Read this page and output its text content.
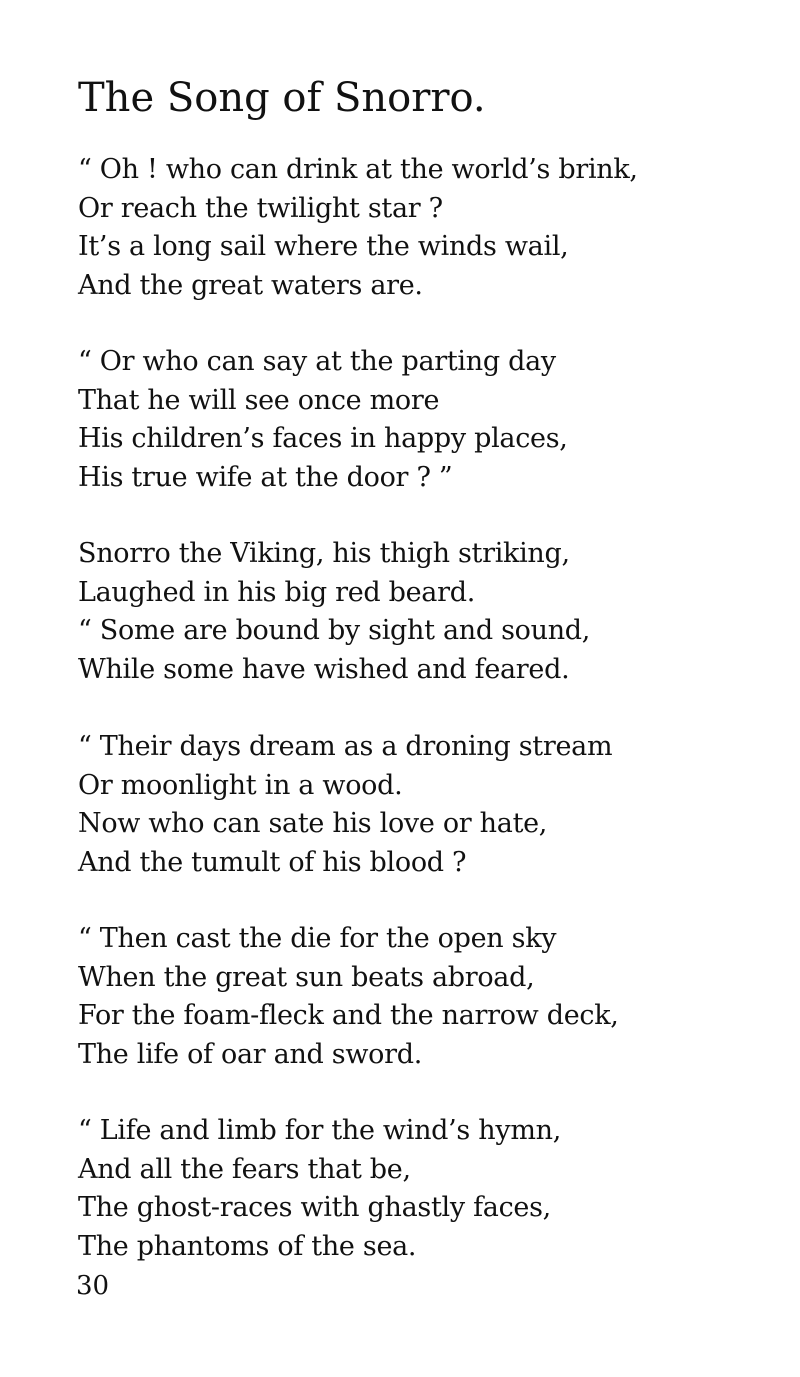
The Song of Snorro.
“ Oh ! who can drink at the world’s brink,
Or reach the twilight star ?
It’s a long sail where the winds wail,
And the great waters are.
“ Or who can say at the parting day
That he will see once more
His children’s faces in happy places,
His true wife at the door ? ”
Snorro the Viking, his thigh striking,
Laughed in his big red beard.
“ Some are bound by sight and sound,
While some have wished and feared.
“ Their days dream as a droning stream
Or moonlight in a wood.
Now who can sate his love or hate,
And the tumult of his blood ?
“ Then cast the die for the open sky
When the great sun beats abroad,
For the foam-fleck and the narrow deck,
The life of oar and sword.
“ Life and limb for the wind’s hymn,
And all the fears that be,
The ghost-races with ghastly faces,
The phantoms of the sea.
30
